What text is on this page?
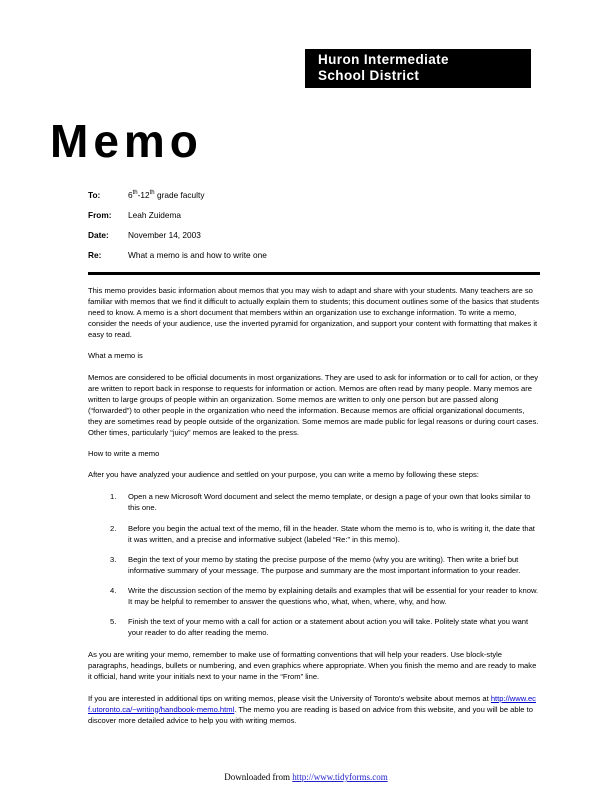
Huron Intermediate
School District
Memo
To:	6th-12th grade faculty
From:	Leah Zuidema
Date:	November 14, 2003
Re:	What a memo is and how to write one

This memo provides basic information about memos that you may wish to adapt and share with your students. Many teachers are so familiar with memos that we find it difficult to actually explain them to students; this document outlines some of the basics that students need to know. A memo is a short document that members within an organization use to exchange information. To write a memo, consider the needs of your audience, use the inverted pyramid for organization, and support your content with formatting that makes it easy to read.

What a memo is

Memos are considered to be official documents in most organizations. They are used to ask for information or to call for action, or they are written to report back in response to requests for information or action. Memos are often read by many people. Many memos are written to large groups of people within an organization. Some memos are written to only one person but are passed along (“forwarded”) to other people in the organization who need the information. Because memos are official organizational documents, they are sometimes read by people outside of the organization. Some memos are made public for legal reasons or during court cases. Other times, particularly “juicy” memos are leaked to the press.

How to write a memo

After you have analyzed your audience and settled on your purpose, you can write a memo by following these steps:

1. Open a new Microsoft Word document and select the memo template, or design a page of your own that looks similar to this one.
2. Before you begin the actual text of the memo, fill in the header. State whom the memo is to, who is writing it, the date that it was written, and a precise and informative subject (labeled “Re:” in this memo).
3. Begin the text of your memo by stating the precise purpose of the memo (why you are writing). Then write a brief but informative summary of your message. The purpose and summary are the most important information to your reader.
4. Write the discussion section of the memo by explaining details and examples that will be essential for your reader to know. It may be helpful to remember to answer the questions who, what, when, where, why, and how.
5. Finish the text of your memo with a call for action or a statement about action you will take. Politely state what you want your reader to do after reading the memo.

As you are writing your memo, remember to make use of formatting conventions that will help your readers. Use block-style paragraphs, headings, bullets or numbering, and even graphics where appropriate. When you finish the memo and are ready to make it official, hand write your initials next to your name in the “From” line.

If you are interested in additional tips on writing memos, please visit the University of Toronto’s website about memos at http://www.ecf.utoronto.ca/~writing/handbook-memo.html. The memo you are reading is based on advice from this website, and you will be able to discover more detailed advice to help you with writing memos.

Downloaded from http://www.tidyforms.com
